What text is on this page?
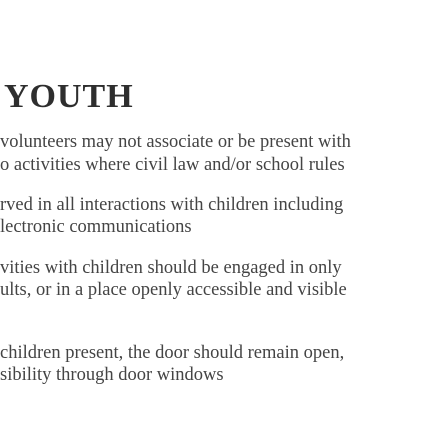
YOUTH

volunteers may not associate or be present with

o activities where civil law and/or school rules

rved in all interactions with children including

lectronic communications

vities with children should be engaged in only

ults, or in a place openly accessible and visible

children present, the door should remain open,

sibility through door windows
